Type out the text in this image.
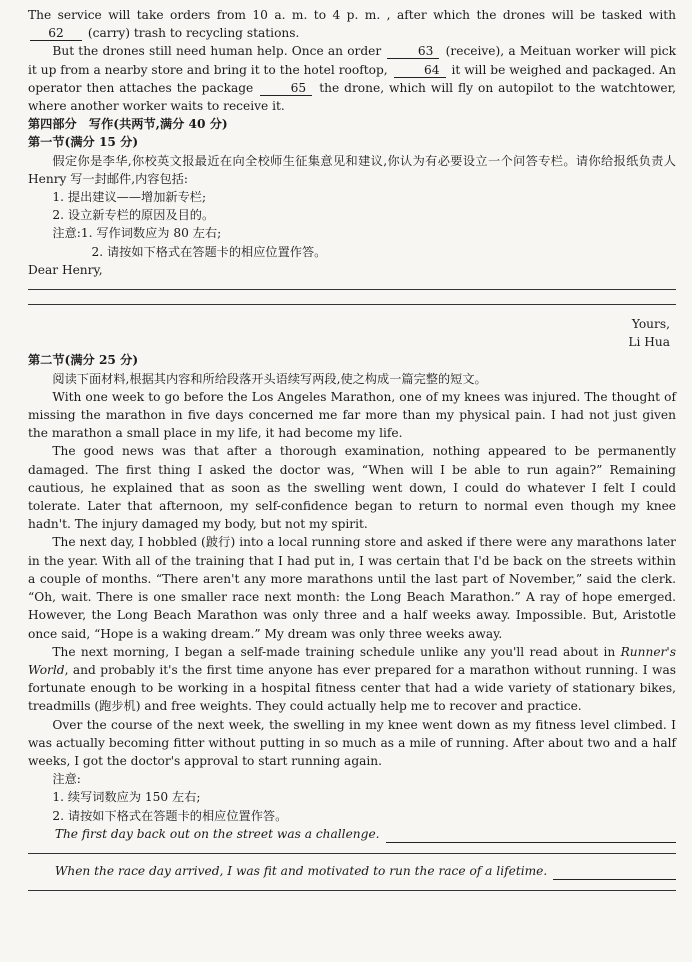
The service will take orders from 10 a. m. to 4 p. m. , after which the drones will be tasked with 62 (carry) trash to recycling stations.

But the drones still need human help. Once an order	63 (receive), a Meituan worker will pick it up from a nearby store and bring it to the hotel rooftop,	64 it will be weighed and packaged. An operator then attaches the package	65 the drone, which will fly on autopilot to the watchtower, where another worker waits to receive it.

第四部分　写作(共两节,满分 40 分)

第一节(满分 15 分)

假定你是李华,你校英文报最近在向全校师生征集意见和建议,你认为有必要设立一个问答专栏。请你给报纸负责人 Henry 写一封邮件,内容包括:

1. 提出建议——增加新专栏;

2. 设立新专栏的原因及目的。

注意:1. 写作词数应为 80 左右;

2. 请按如下格式在答题卡的相应位置作答。

Dear Henry,

Yours,

Li Hua

第二节(满分 25 分)

阅读下面材料,根据其内容和所给段落开头语续写两段,使之构成一篇完整的短文。

With one week to go before the Los Angeles Marathon, one of my knees was injured. The thought of missing the marathon in five days concerned me far more than my physical pain. I had not just given the marathon a small place in my life, it had become my life.

The good news was that after a thorough examination, nothing appeared to be permanently damaged. The first thing I asked the doctor was, “When will I be able to run again?” Remaining cautious, he explained that as soon as the swelling went down, I could do whatever I felt I could tolerate. Later that afternoon, my self-confidence began to return to normal even though my knee hadn't. The injury damaged my body, but not my spirit.

The next day, I hobbled (跛行) into a local running store and asked if there were any marathons later in the year. With all of the training that I had put in, I was certain that I'd be back on the streets within a couple of months. “There aren't any more marathons until the last part of November,” said the clerk. “Oh, wait. There is one smaller race next month: the Long Beach Marathon.” A ray of hope emerged. However, the Long Beach Marathon was only three and a half weeks away. Impossible. But, Aristotle once said, “Hope is a waking dream.” My dream was only three weeks away.

The next morning, I began a self-made training schedule unlike any you'll read about in Runner's World, and probably it's the first time anyone has ever prepared for a marathon without running. I was fortunate enough to be working in a hospital fitness center that had a wide variety of stationary bikes, treadmills (跑步机) and free weights. They could actually help me to recover and practice.

Over the course of the next week, the swelling in my knee went down as my fitness level climbed. I was actually becoming fitter without putting in so much as a mile of running. After about two and a half weeks, I got the doctor's approval to start running again.

注意:

1. 续写词数应为 150 左右;

2. 请按如下格式在答题卡的相应位置作答。

The first day back out on the street was a challenge.
When the race day arrived, I was fit and motivated to run the race of a lifetime.
